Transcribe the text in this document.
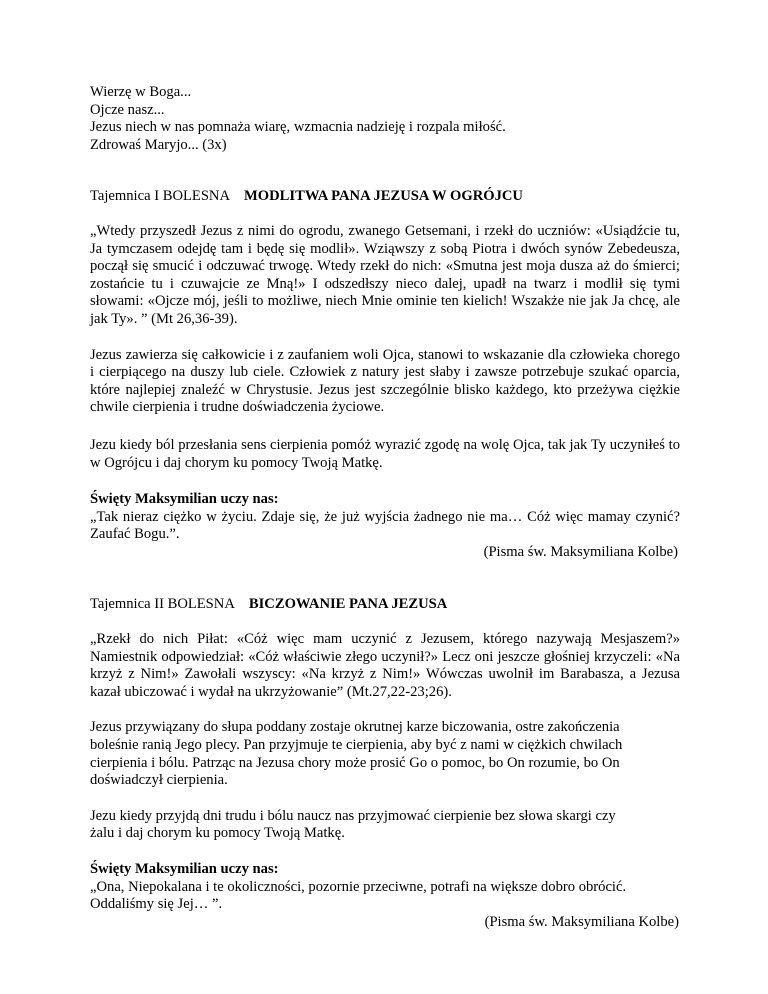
Wierzę w Boga...
Ojcze nasz...
Jezus niech w nas pomnaża wiarę, wzmacnia nadzieję i rozpala miłość.
Zdrowaś Maryjo... (3x)
Tajemnica I BOLESNA MODLITWA PANA JEZUSA W OGRÓJCU

„Wtedy przyszedł Jezus z nimi do ogrodu, zwanego Getsemani, i rzekł do uczniów: «Usiądźcie tu, Ja tymczasem odejdę tam i będę się modlił». Wziąwszy z sobą Piotra i dwóch synów Zebedeusza, począł się smucić i odczuwać trwogę. Wtedy rzekł do nich: «Smutna jest moja dusza aż do śmierci; zostańcie tu i czuwajcie ze Mną!» I odszedłszy nieco dalej, upadł na twarz i modlił się tymi słowami: «Ojcze mój, jeśli to możliwe, niech Mnie ominie ten kielich! Wszakże nie jak Ja chcę, ale jak Ty». ” (Mt 26,36-39).

Jezus zawierza się całkowicie i z zaufaniem woli Ojca, stanowi to wskazanie dla człowieka chorego i cierpiącego na duszy lub ciele. Człowiek z natury jest słaby i zawsze potrzebuje szukać oparcia, które najlepiej znaleźć w Chrystusie. Jezus jest szczególnie blisko każdego, kto przeżywa ciężkie chwile cierpienia i trudne doświadczenia życiowe.

Jezu kiedy ból przesłania sens cierpienia pomóż wyrazić zgodę na wolę Ojca, tak jak Ty uczyniłeś to w Ogrójcu i daj chorym ku pomocy Twoją Matkę.

Święty Maksymilian uczy nas:

„Tak nieraz ciężko w życiu. Zdaje się, że już wyjścia żadnego nie ma… Cóż więc mamay czynić? Zaufać Bogu.”.

(Pisma św. Maksymiliana Kolbe)
Tajemnica II BOLESNA BICZOWANIE PANA JEZUSA

„Rzekł do nich Piłat: «Cóż więc mam uczynić z Jezusem, którego nazywają Mesjaszem?» Namiestnik odpowiedział: «Cóż właściwie złego uczynił?» Lecz oni jeszcze głośniej krzyczeli: «Na krzyż z Nim!» Zawołali wszyscy: «Na krzyż z Nim!» Wówczas uwolnił im Barabasza, a Jezusa kazał ubiczować i wydał na ukrzyżowanie” (Mt.27,22-23;26).

Jezus przywiązany do słupa poddany zostaje okrutnej karze biczowania, ostre zakończenia
boleśnie ranią Jego plecy. Pan przyjmuje te cierpienia, aby być z nami w ciężkich chwilach
cierpienia i bólu. Patrząc na Jezusa chory może prosić Go o pomoc, bo On rozumie, bo On
doświadczył cierpienia.
Jezu kiedy przyjdą dni trudu i bólu naucz nas przyjmować cierpienie bez słowa skargi czy
żalu i daj chorym ku pomocy Twoją Matkę.

Święty Maksymilian uczy nas:

„Ona, Niepokalana i te okoliczności, pozornie przeciwne, potrafi na większe dobro obrócić.
Oddaliśmy się Jej… ”.
(Pisma św. Maksymiliana Kolbe)
